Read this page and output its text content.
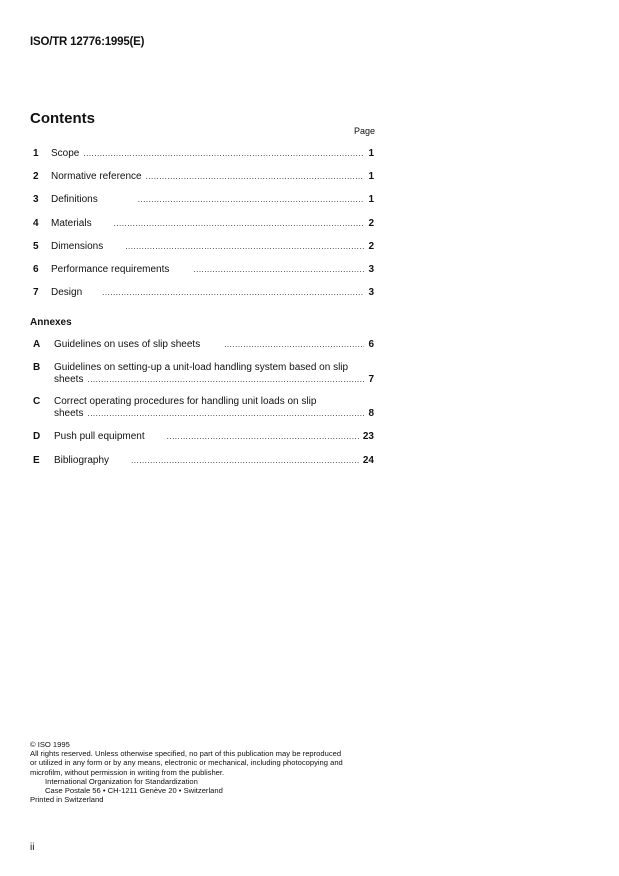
ISO/TR 12776:1995(E)
Contents
Page
1 Scope .....	1
2 Normative reference .....	1
3 Definitions .....	1
4 Materials .....	2
5 Dimensions .....	2
6 Performance requirements .....	3
7 Design .....	3
Annexes
A Guidelines on uses of slip sheets .....	6
B Guidelines on setting-up a unit-load handling system based on slip
sheets .....	7
C Correct operating procedures for handling unit loads on slip
sheets .....	8
D Push pull equipment .....	23
E Bibliography .....	24
© ISO 1995
All rights reserved. Unless otherwise specified, no part of this publication may be reproduced
or utilized in any form or by any means, electronic or mechanical, including photocopying and
microfilm, without permission in writing from the publisher.
International Organization for Standardization
Case Postale 56 • CH-1211 Genève 20 • Switzerland
Printed in Switzerland
ii
